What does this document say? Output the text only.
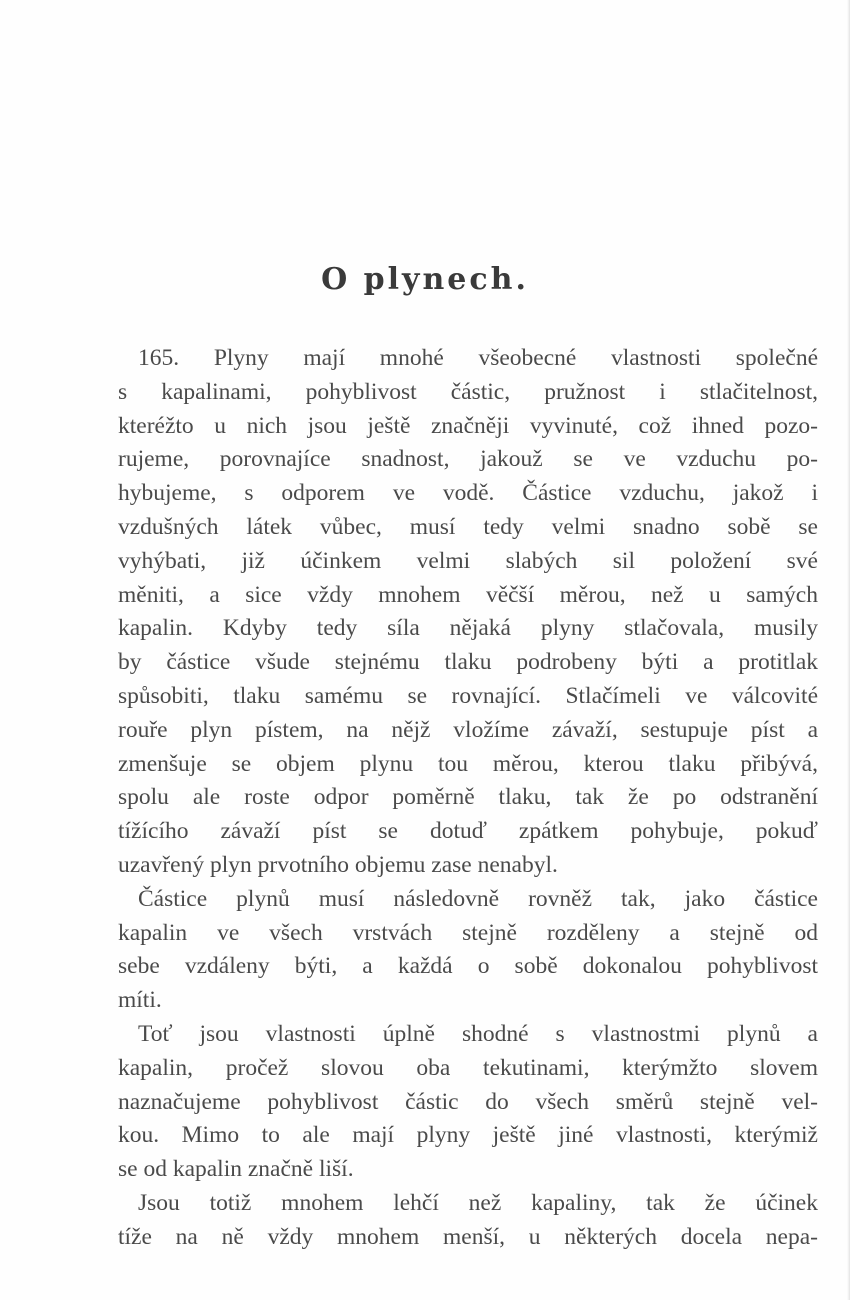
O plynech.
165. Plyny mají mnohé všeobecné vlastnosti společné
s kapalinami, pohyblivost částic, pružnost i stlačitelnost,
kteréžto u nich jsou ještě značněji vyvinuté, což ihned pozo-
rujeme, porovnajíce snadnost, jakouž se ve vzduchu po-
hybujeme, s odporem ve vodě. Částice vzduchu, jakož i
vzdušných látek vůbec, musí tedy velmi snadno sobě se
vyhýbati, již účinkem velmi slabých sil položení své
měniti, a sice vždy mnohem věčší měrou, než u samých
kapalin. Kdyby tedy síla nějaká plyny stlačovala, musily
by částice všude stejnému tlaku podrobeny býti a protitlak
spůsobiti, tlaku samému se rovnající. Stlačímeli ve válcovité
rouře plyn pístem, na nějž vložíme závaží, sestupuje píst a
zmenšuje se objem plynu tou měrou, kterou tlaku přibývá,
spolu ale roste odpor poměrně tlaku, tak že po odstranění
tížícího závaží píst se dotuď zpátkem pohybuje, pokuď
uzavřený plyn prvotního objemu zase nenabyl.
Částice plynů musí následovně rovněž tak, jako částice
kapalin ve všech vrstvách stejně rozděleny a stejně od
sebe vzdáleny býti, a každá o sobě dokonalou pohyblivost
míti.
Toť jsou vlastnosti úplně shodné s vlastnostmi plynů a
kapalin, pročež slovou oba tekutinami, kterýmžto slovem
naznačujeme pohyblivost částic do všech směrů stejně vel-
kou. Mimo to ale mají plyny ještě jiné vlastnosti, kterýmiž
se od kapalin značně liší.
Jsou totiž mnohem lehčí než kapaliny, tak že účinek
tíže na ně vždy mnohem menší, u některých docela nepa-
